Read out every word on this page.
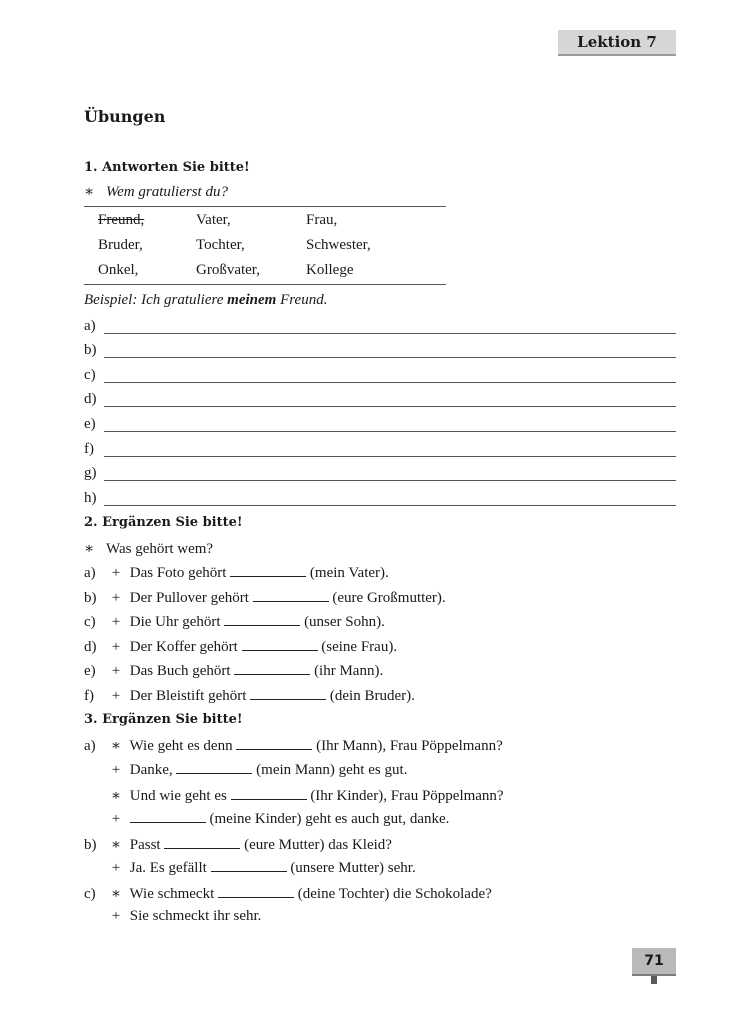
Lektion 7
Übungen
1. Antworten Sie bitte!
∗ Wem gratulierst du?
Freund,	Vater,	Frau,
Bruder,	Tochter,	Schwester,
Onkel,	Großvater,	Kollege
Beispiel: Ich gratuliere meinem Freund.
a)
b)
c)
d)
e)
f)
g)
h)
2. Ergänzen Sie bitte!
∗ Was gehört wem?
a) + Das Foto gehört	(mein Vater).
b) + Der Pullover gehört	(eure Großmutter).
c) + Die Uhr gehört	(unser Sohn).
d) + Der Koffer gehört	(seine Frau).
e) + Das Buch gehört	(ihr Mann).
f) + Der Bleistift gehört	(dein Bruder).
3. Ergänzen Sie bitte!
a) ∗ Wie geht es denn	(Ihr Mann), Frau Pöppelmann?
+ Danke,	(mein Mann) geht es gut.
∗ Und wie geht es	(Ihr Kinder), Frau Pöppelmann?
+	(meine Kinder) geht es auch gut, danke.
b) ∗ Passt	(eure Mutter) das Kleid?
+ Ja. Es gefällt	(unsere Mutter) sehr.
c) ∗ Wie schmeckt	(deine Tochter) die Schokolade?
+ Sie schmeckt ihr sehr.
71
